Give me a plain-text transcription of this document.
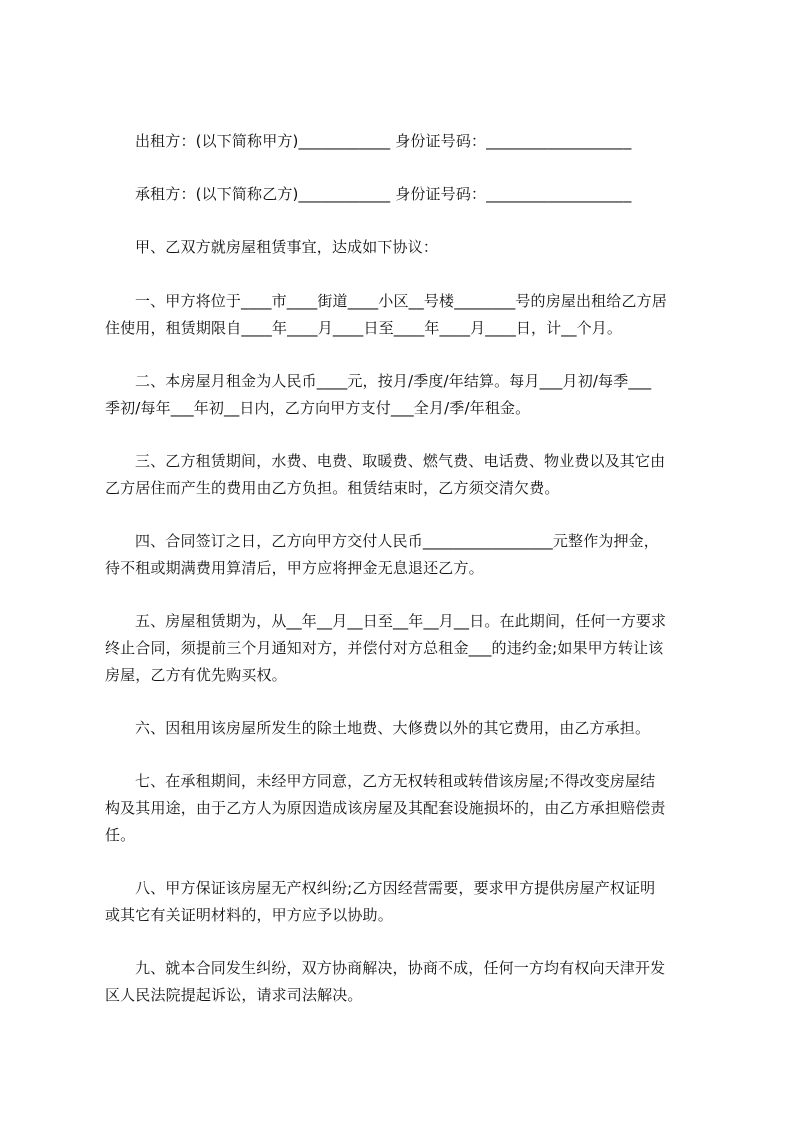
出租方：(以下简称甲方)____________ 身份证号码：___________________
承租方：(以下简称乙方)____________ 身份证号码：___________________
甲、乙双方就房屋租赁事宜，达成如下协议：
一、甲方将位于____市____街道____小区__号楼________号的房屋出租给乙方居
住使用，租赁期限自____年____月____日至____年____月____日，计__个月。
二、本房屋月租金为人民币____元，按月/季度/年结算。每月___月初/每季___
季初/每年___年初__日内，乙方向甲方支付___全月/季/年租金。
三、乙方租赁期间，水费、电费、取暖费、燃气费、电话费、物业费以及其它由
乙方居住而产生的费用由乙方负担。租赁结束时，乙方须交清欠费。
四、合同签订之日，乙方向甲方交付人民币_________________元整作为押金，
待不租或期满费用算清后，甲方应将押金无息退还乙方。
五、房屋租赁期为，从__年__月__日至__年__月__日。在此期间，任何一方要求
终止合同，须提前三个月通知对方，并偿付对方总租金___的违约金;如果甲方转让该
房屋，乙方有优先购买权。
六、因租用该房屋所发生的除土地费、大修费以外的其它费用，由乙方承担。
七、在承租期间，未经甲方同意，乙方无权转租或转借该房屋;不得改变房屋结
构及其用途，由于乙方人为原因造成该房屋及其配套设施损坏的，由乙方承担赔偿责
任。
八、甲方保证该房屋无产权纠纷;乙方因经营需要，要求甲方提供房屋产权证明
或其它有关证明材料的，甲方应予以协助。
九、就本合同发生纠纷，双方协商解决，协商不成，任何一方均有权向天津开发
区人民法院提起诉讼，请求司法解决。
